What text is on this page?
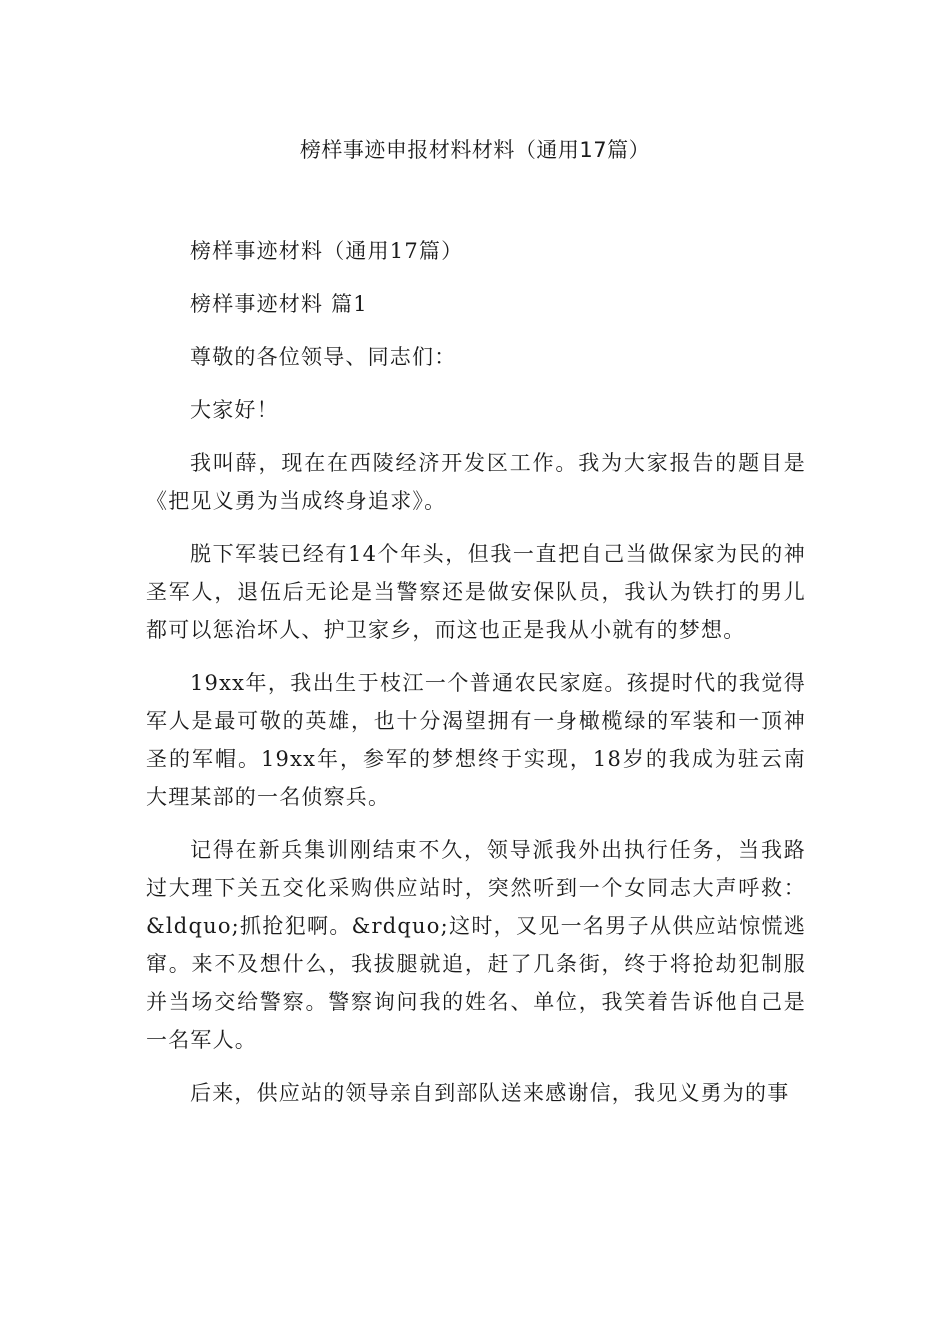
榜样事迹申报材料材料（通用17篇）

榜样事迹材料（通用17篇）

榜样事迹材料 篇1

尊敬的各位领导、同志们：

大家好！

我叫薛，现在在西陵经济开发区工作。我为大家报告的题目是《把见义勇为当成终身追求》。

脱下军装已经有14个年头，但我一直把自己当做保家为民的神圣军人，退伍后无论是当警察还是做安保队员，我认为铁打的男儿都可以惩治坏人、护卫家乡，而这也正是我从小就有的梦想。

19xx年，我出生于枝江一个普通农民家庭。孩提时代的我觉得军人是最可敬的英雄，也十分渴望拥有一身橄榄绿的军装和一顶神圣的军帽。19xx年，参军的梦想终于实现，18岁的我成为驻云南大理某部的一名侦察兵。

记得在新兵集训刚结束不久，领导派我外出执行任务，当我路过大理下关五交化采购供应站时，突然听到一个女同志大声呼救：&ldquo;抓抢犯啊。&rdquo;这时，又见一名男子从供应站惊慌逃窜。来不及想什么，我拔腿就追，赶了几条街，终于将抢劫犯制服并当场交给警察。警察询问我的姓名、单位，我笑着告诉他自己是一名军人。

后来，供应站的领导亲自到部队送来感谢信，我见义勇为的事
